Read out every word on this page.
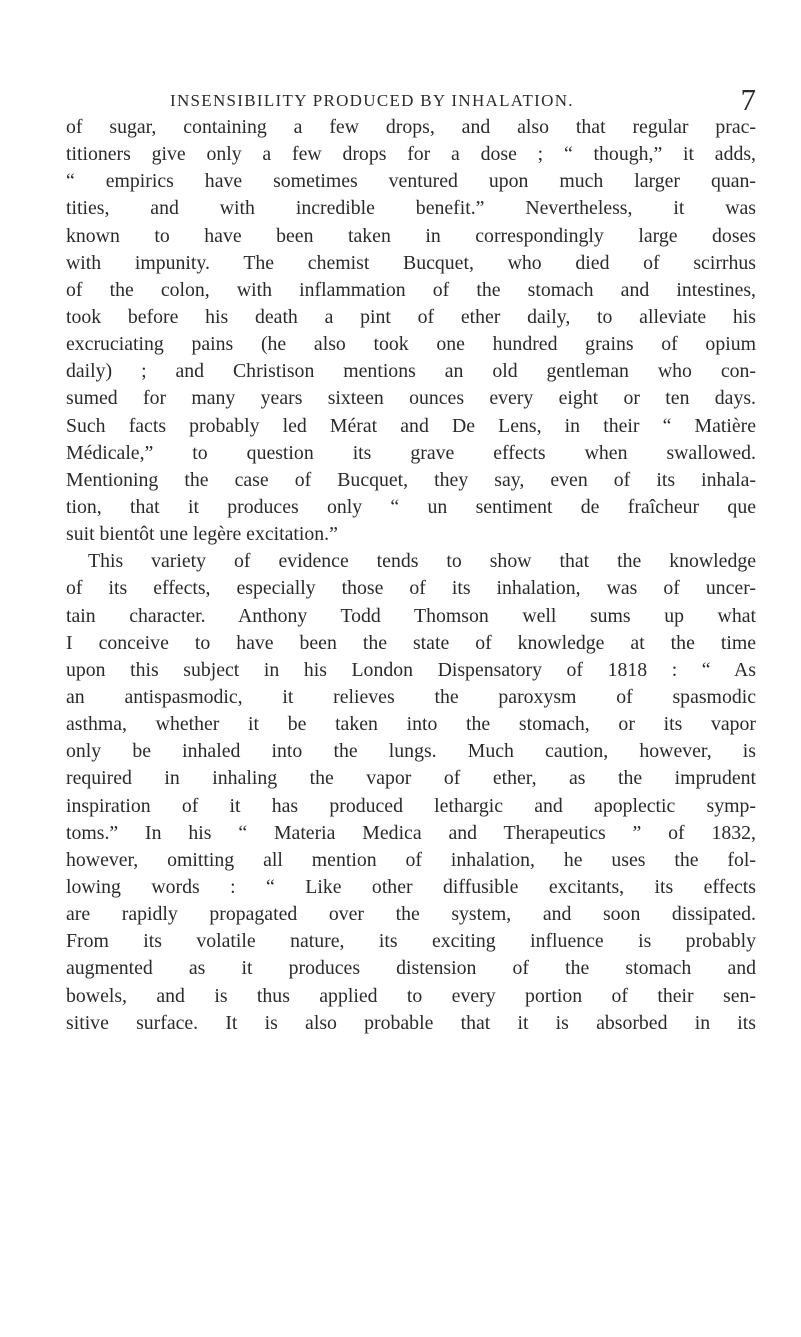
INSENSIBILITY PRODUCED BY INHALATION.	7
of sugar, containing a few drops, and also that regular prac-
titioners give only a few drops for a dose ; “ though,” it adds,
“ empirics have sometimes ventured upon much larger quan-
tities, and with incredible benefit.” Nevertheless, it was
known to have been taken in correspondingly large doses
with impunity. The chemist Bucquet, who died of scirrhus
of the colon, with inflammation of the stomach and intestines,
took before his death a pint of ether daily, to alleviate his
excruciating pains (he also took one hundred grains of opium
daily) ; and Christison mentions an old gentleman who con-
sumed for many years sixteen ounces every eight or ten days.
Such facts probably led Mérat and De Lens, in their “ Matière
Médicale,” to question its grave effects when swallowed.
Mentioning the case of Bucquet, they say, even of its inhala-
tion, that it produces only “ un sentiment de fraîcheur que
suit bientôt une legère excitation.”
This variety of evidence tends to show that the knowledge
of its effects, especially those of its inhalation, was of uncer-
tain character. Anthony Todd Thomson well sums up what
I conceive to have been the state of knowledge at the time
upon this subject in his London Dispensatory of 1818 : “ As
an antispasmodic, it relieves the paroxysm of spasmodic
asthma, whether it be taken into the stomach, or its vapor
only be inhaled into the lungs. Much caution, however, is
required in inhaling the vapor of ether, as the imprudent
inspiration of it has produced lethargic and apoplectic symp-
toms.” In his “ Materia Medica and Therapeutics ” of 1832,
however, omitting all mention of inhalation, he uses the fol-
lowing words : “ Like other diffusible excitants, its effects
are rapidly propagated over the system, and soon dissipated.
From its volatile nature, its exciting influence is probably
augmented as it produces distension of the stomach and
bowels, and is thus applied to every portion of their sen-
sitive surface. It is also probable that it is absorbed in its
